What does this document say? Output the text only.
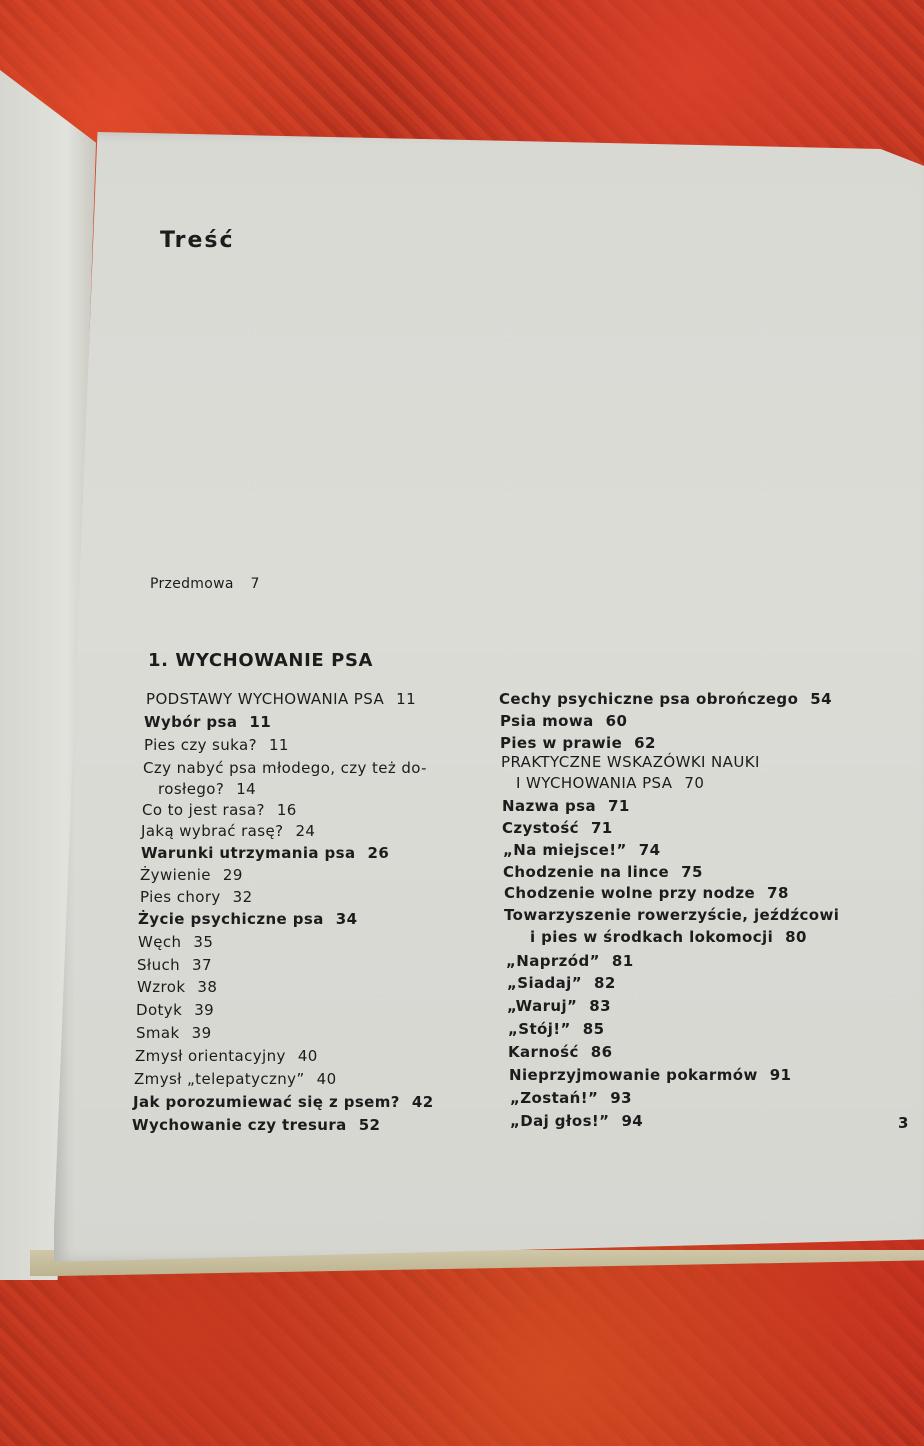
Treść
Przedmowa 7
1. WYCHOWANIE PSA
PODSTAWY WYCHOWANIA PSA 11
Wybór psa 11
Pies czy suka? 11
Czy nabyć psa młodego, czy też do-
rosłego? 14
Co to jest rasa? 16
Jaką wybrać rasę? 24
Warunki utrzymania psa 26
Żywienie 29
Pies chory 32
Życie psychiczne psa 34
Węch 35
Słuch 37
Wzrok 38
Dotyk 39
Smak 39
Zmysł orientacyjny 40
Zmysł „telepatyczny” 40
Jak porozumiewać się z psem? 42
Wychowanie czy tresura 52
Cechy psychiczne psa obrończego 54
Psia mowa 60
Pies w prawie 62
PRAKTYCZNE WSKAZÓWKI NAUKI
I WYCHOWANIA PSA 70
Nazwa psa 71
Czystość 71
„Na miejsce!” 74
Chodzenie na lince 75
Chodzenie wolne przy nodze 78
Towarzyszenie rowerzyście, jeźdźcowi
i pies w środkach lokomocji 80
„Naprzód” 81
„Siadaj” 82
„Waruj” 83
„Stój!” 85
Karność 86
Nieprzyjmowanie pokarmów 91
„Zostań!” 93
„Daj głos!” 94	3
